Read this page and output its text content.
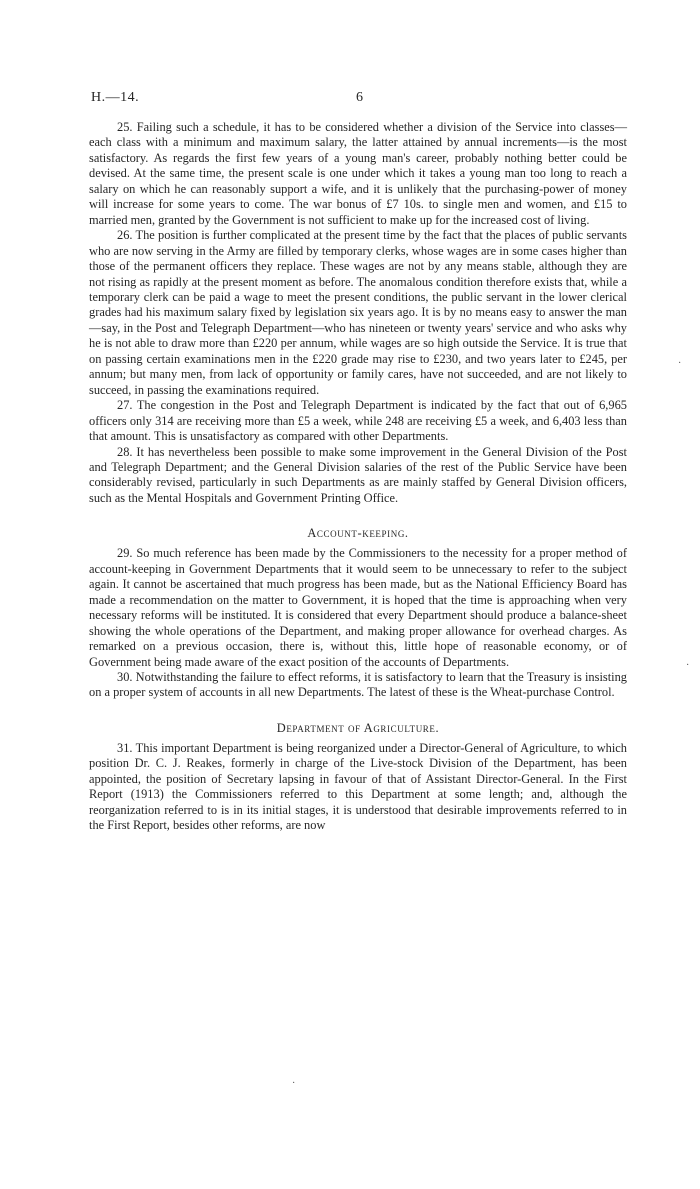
H.—14.	6

25. Failing such a schedule, it has to be considered whether a division of the Service into classes—each class with a minimum and maximum salary, the latter attained by annual increments—is the most satisfactory. As regards the first few years of a young man's career, probably nothing better could be devised. At the same time, the present scale is one under which it takes a young man too long to reach a salary on which he can reasonably support a wife, and it is unlikely that the purchasing-power of money will increase for some years to come. The war bonus of £7 10s. to single men and women, and £15 to married men, granted by the Government is not sufficient to make up for the increased cost of living.

26. The position is further complicated at the present time by the fact that the places of public servants who are now serving in the Army are filled by temporary clerks, whose wages are in some cases higher than those of the permanent officers they replace. These wages are not by any means stable, although they are not rising as rapidly at the present moment as before. The anomalous condition therefore exists that, while a temporary clerk can be paid a wage to meet the present conditions, the public servant in the lower clerical grades had his maximum salary fixed by legislation six years ago. It is by no means easy to answer the man—say, in the Post and Telegraph Department—who has nineteen or twenty years' service and who asks why he is not able to draw more than £220 per annum, while wages are so high outside the Service. It is true that on passing certain examinations men in the £220 grade may rise to £230, and two years later to £245, per annum; but many men, from lack of opportunity or family cares, have not succeeded, and are not likely to succeed, in passing the examinations required.

27. The congestion in the Post and Telegraph Department is indicated by the fact that out of 6,965 officers only 314 are receiving more than £5 a week, while 248 are receiving £5 a week, and 6,403 less than that amount. This is unsatisfactory as compared with other Departments.

28. It has nevertheless been possible to make some improvement in the General Division of the Post and Telegraph Department; and the General Division salaries of the rest of the Public Service have been considerably revised, particularly in such Departments as are mainly staffed by General Division officers, such as the Mental Hospitals and Government Printing Office.

Account-keeping.

29. So much reference has been made by the Commissioners to the necessity for a proper method of account-keeping in Government Departments that it would seem to be unnecessary to refer to the subject again. It cannot be ascertained that much progress has been made, but as the National Efficiency Board has made a recommendation on the matter to Government, it is hoped that the time is approaching when very necessary reforms will be instituted. It is considered that every Department should produce a balance-sheet showing the whole operations of the Department, and making proper allowance for overhead charges. As remarked on a previous occasion, there is, without this, little hope of reasonable economy, or of Government being made aware of the exact position of the accounts of Departments.

30. Notwithstanding the failure to effect reforms, it is satisfactory to learn that the Treasury is insisting on a proper system of accounts in all new Departments. The latest of these is the Wheat-purchase Control.

Department of Agriculture.

31. This important Department is being reorganized under a Director-General of Agriculture, to which position Dr. C. J. Reakes, formerly in charge of the Live-stock Division of the Department, has been appointed, the position of Secretary lapsing in favour of that of Assistant Director-General. In the First Report (1913) the Commissioners referred to this Department at some length; and, although the reorganization referred to is in its initial stages, it is understood that desirable improvements referred to in the First Report, besides other reforms, are now

·
·
·
